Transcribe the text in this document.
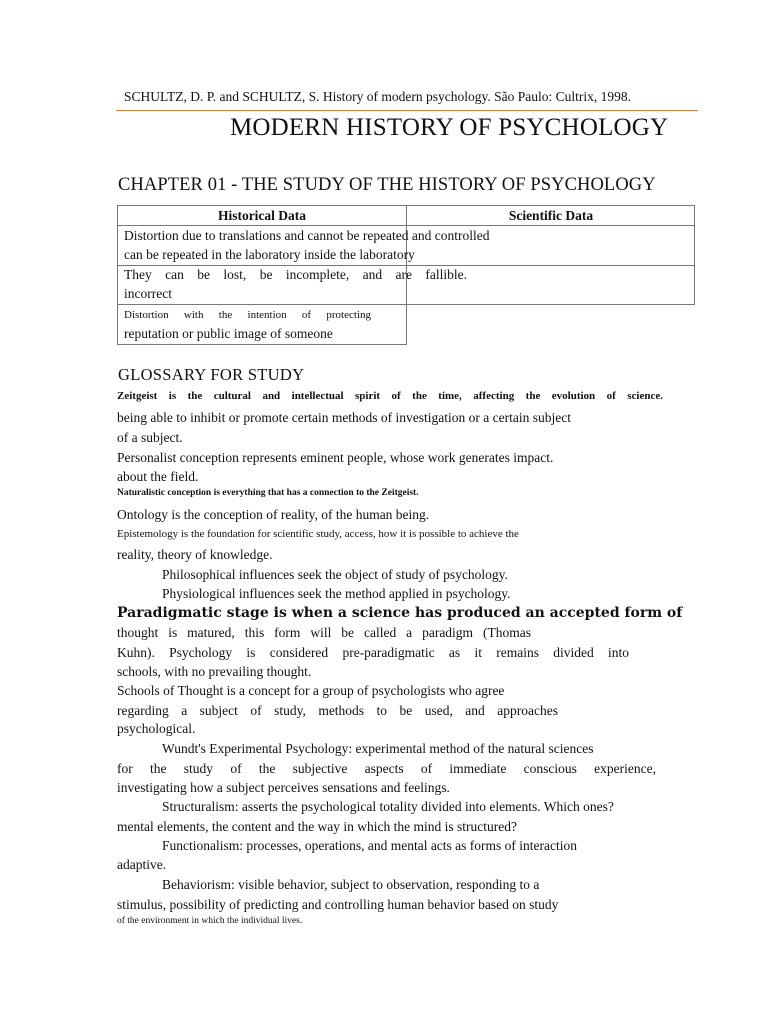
SCHULTZ, D. P. and SCHULTZ, S. History of modern psychology. São Paulo: Cultrix, 1998.
MODERN HISTORY OF PSYCHOLOGY
CHAPTER 01 - THE STUDY OF THE HISTORY OF PSYCHOLOGY
Historical Data	Scientific Data
Distortion due to translations and cannot be repeated and controlled
can be repeated in the laboratory inside the laboratory
They can be lost, be incomplete, and are fallible.
incorrect
Distortion with the intention of protecting
reputation or public image of someone
GLOSSARY FOR STUDY
Zeitgeist is the cultural and intellectual spirit of the time, affecting the evolution of science.
being able to inhibit or promote certain methods of investigation or a certain subject
of a subject.
Personalist conception represents eminent people, whose work generates impact.
about the field.
Naturalistic conception is everything that has a connection to the Zeitgeist.
Ontology is the conception of reality, of the human being.
Epistemology is the foundation for scientific study, access, how it is possible to achieve the
reality, theory of knowledge.
Philosophical influences seek the object of study of psychology.
Physiological influences seek the method applied in psychology.
Paradigmatic stage is when a science has produced an accepted form of
thought is matured, this form will be called a paradigm (Thomas
Kuhn). Psychology is considered pre-paradigmatic as it remains divided into
schools, with no prevailing thought.
Schools of Thought is a concept for a group of psychologists who agree
regarding a subject of study, methods to be used, and approaches
psychological.
Wundt's Experimental Psychology: experimental method of the natural sciences
for the study of the subjective aspects of immediate conscious experience,
investigating how a subject perceives sensations and feelings.
Structuralism: asserts the psychological totality divided into elements. Which ones?
mental elements, the content and the way in which the mind is structured?
Functionalism: processes, operations, and mental acts as forms of interaction
adaptive.
Behaviorism: visible behavior, subject to observation, responding to a
stimulus, possibility of predicting and controlling human behavior based on study
of the environment in which the individual lives.
